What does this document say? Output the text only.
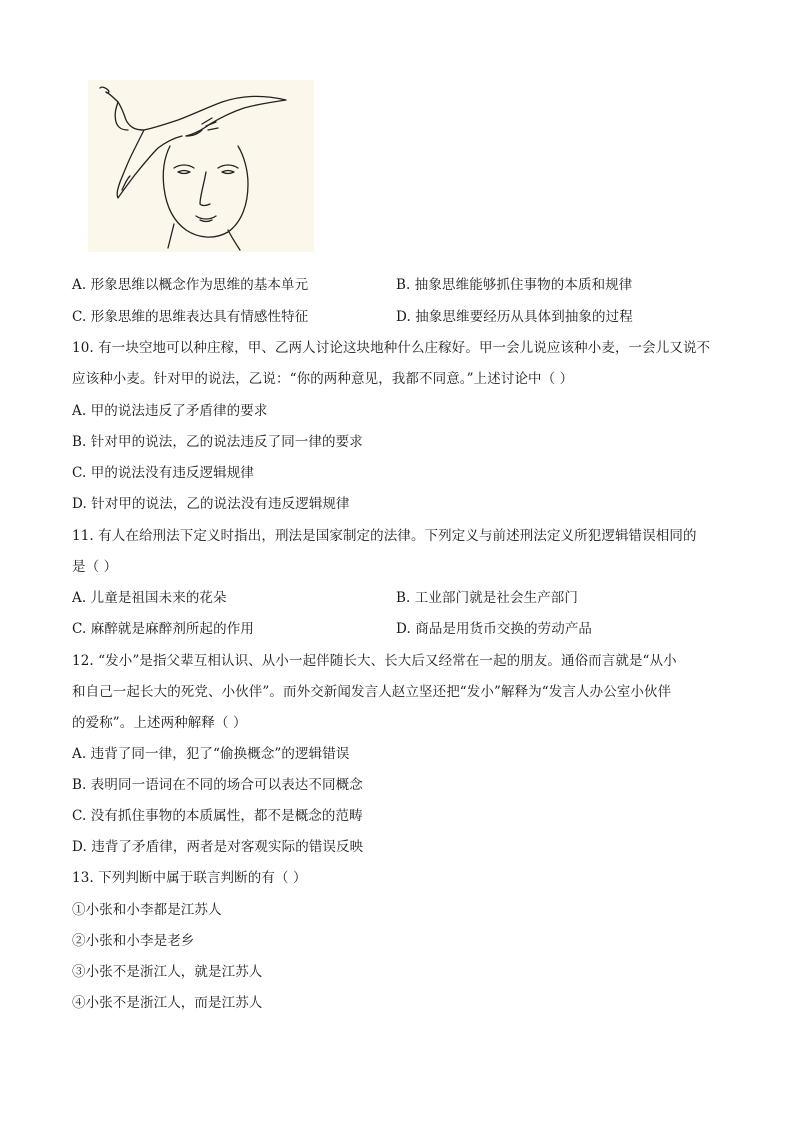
A. 形象思维以概念作为思维的基本单元	B. 抽象思维能够抓住事物的本质和规律
C. 形象思维的思维表达具有情感性特征	D. 抽象思维要经历从具体到抽象的过程
10. 有一块空地可以种庄稼，甲、乙两人讨论这块地种什么庄稼好。甲一会儿说应该种小麦，一会儿又说不
应该种小麦。针对甲的说法，乙说：“你的两种意见，我都不同意。”上述讨论中（ ）
A. 甲的说法违反了矛盾律的要求
B. 针对甲的说法，乙的说法违反了同一律的要求
C. 甲的说法没有违反逻辑规律
D. 针对甲的说法，乙的说法没有违反逻辑规律
11. 有人在给刑法下定义时指出，刑法是国家制定的法律。下列定义与前述刑法定义所犯逻辑错误相同的
是（ ）
A. 儿童是祖国未来的花朵	B. 工业部门就是社会生产部门
C. 麻醉就是麻醉剂所起的作用	D. 商品是用货币交换的劳动产品
12. “发小”是指父辈互相认识、从小一起伴随长大、长大后又经常在一起的朋友。通俗而言就是“从小
和自己一起长大的死党、小伙伴”。而外交新闻发言人赵立坚还把“发小”解释为“发言人办公室小伙伴
的爱称”。上述两种解释（ ）
A. 违背了同一律，犯了“偷换概念”的逻辑错误
B. 表明同一语词在不同的场合可以表达不同概念
C. 没有抓住事物的本质属性，都不是概念的范畴
D. 违背了矛盾律，两者是对客观实际的错误反映
13. 下列判断中属于联言判断的有（ ）
①小张和小李都是江苏人
②小张和小李是老乡
③小张不是浙江人，就是江苏人
④小张不是浙江人，而是江苏人
